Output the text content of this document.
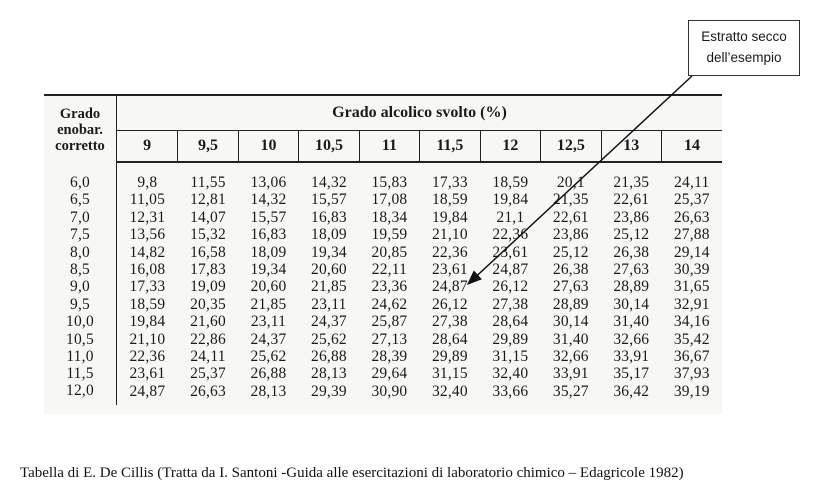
Grado
enobar.
corretto	Grado alcolico svolto (%)									
	9	9,5	10	10,5	11	11,5	12	12,5	13	14
6,0	9,8	11,55	13,06	14,32	15,83	17,33	18,59	20,1	21,35	24,11
6,5	11,05	12,81	14,32	15,57	17,08	18,59	19,84	21,35	22,61	25,37
7,0	12,31	14,07	15,57	16,83	18,34	19,84	21,1	22,61	23,86	26,63
7,5	13,56	15,32	16,83	18,09	19,59	21,10	22,36	23,86	25,12	27,88
8,0	14,82	16,58	18,09	19,34	20,85	22,36	23,61	25,12	26,38	29,14
8,5	16,08	17,83	19,34	20,60	22,11	23,61	24,87	26,38	27,63	30,39
9,0	17,33	19,09	20,60	21,85	23,36	24,87	26,12	27,63	28,89	31,65
9,5	18,59	20,35	21,85	23,11	24,62	26,12	27,38	28,89	30,14	32,91
10,0	19,84	21,60	23,11	24,37	25,87	27,38	28,64	30,14	31,40	34,16
10,5	21,10	22,86	24,37	25,62	27,13	28,64	29,89	31,40	32,66	35,42
11,0	22,36	24,11	25,62	26,88	28,39	29,89	31,15	32,66	33,91	36,67
11,5	23,61	25,37	26,88	28,13	29,64	31,15	32,40	33,91	35,17	37,93
12,0	24,87	26,63	28,13	29,39	30,90	32,40	33,66	35,27	36,42	39,19
Estratto secco
dell’esempio
Tabella di E. De Cillis (Tratta da I. Santoni -Guida alle esercitazioni di laboratorio chimico – Edagricole 1982)
